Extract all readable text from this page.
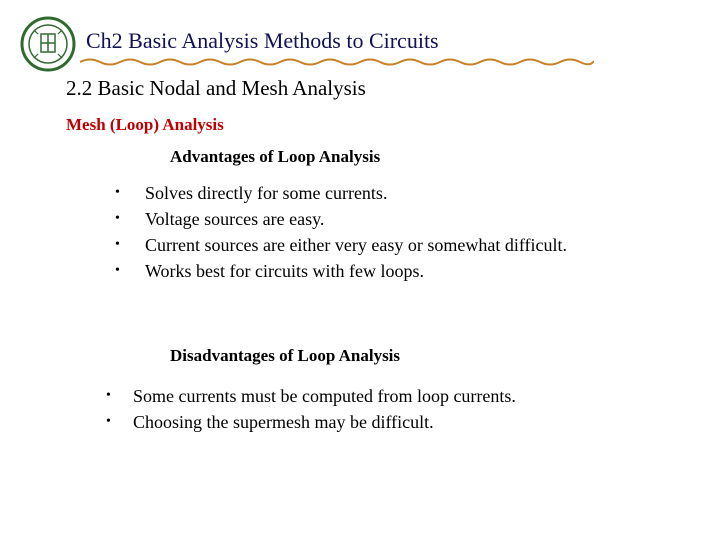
Ch2 Basic Analysis Methods to Circuits
2.2 Basic Nodal and Mesh Analysis
Mesh (Loop) Analysis
Advantages of Loop Analysis
• Solves directly for some currents.
• Voltage sources are easy.
• Current sources are either very easy or somewhat difficult.
• Works best for circuits with few loops.
Disadvantages of Loop Analysis
• Some currents must be computed from loop currents.
• Choosing the supermesh may be difficult.
